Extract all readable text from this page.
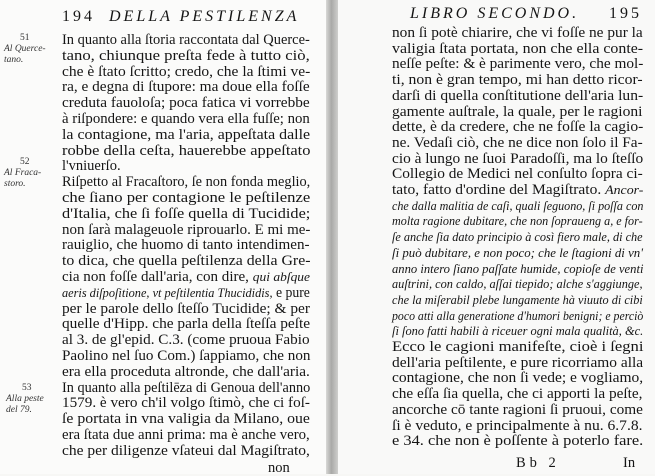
194 DELLA PESTILENZA
In quanto alla ſtoria raccontata dal Querce-
tano, chiunque preſta fede à tutto ciò,
che è ſtato ſcritto; credo, che la ſtimi ve-
ra, e degna di ſtupore: ma doue ella foſſe
creduta fauoloſa; poca fatica vi vorrebbe
à riſpondere: e quando vera ella fuſſe; non
la contagione, ma l'aria, appeſtata dalle
robbe della ceſta, hauerebbe appeſtato
l'vniuerſo.
Riſpetto al Fracaſtoro, ſe non fonda meglio,
che ſiano per contagione le peſtilenze
d'Italia, che ſi foſſe quella di Tucidide;
non ſarà malageuole riprouarlo. E mi me-
rauiglio, che huomo di tanto intendimen-
to dica, che quella peſtilenza della Gre-
cia non foſſe dall'aria, con dire, qui abſque
aeris diſpoſitione, vt peſtilentia Thucididis, e pure
per le parole dello ſteſſo Tucidide; & per
quelle d'Hipp. che parla della ſteſſa peſte
al 3. de gl'epid. C.3. (come pruoua Fabio
Paolino nel ſuo Com.) ſappiamo, che non
era ella proceduta altronde, che dall'aria.
In quanto alla peſtilēza di Genoua dell'anno
1579. è vero ch'il volgo ſtimò, che ci foſ-
ſe portata in vna valigia da Milano, oue
era ſtata due anni prima: ma è anche vero,
che per diligenze vſateui dal Magiſtrato,
51
Al Querce-
tano.
52
Al Fraca-
storo.
53
Alla peste
del 79.
non
LIBRO SECONDO. 195
non ſi potè chiarire, che vi foſſe ne pur la
valigia ſtata portata, non che ella conte-
neſſe peſte: & è parimente vero, che mol-
ti, non è gran tempo, mi han detto ricor-
darſi di quella conſtitutione dell'aria lun-
gamente auſtrale, la quale, per le ragioni
dette, è da credere, che ne foſſe la cagio-
ne. Vedaſi ciò, che ne dice non ſolo il Fa-
cio à lungo ne ſuoi Paradoſſi, ma lo ſteſſo
Collegio de Medici nel conſulto ſopra ci-
tato, fatto d'ordine del Magiſtrato. Ancor-
che dalla malitia de caſi, quali ſeguono, ſi poſſa con
molta ragione dubitare, che non ſopraueng a, e for-
ſe anche ſia dato principio à così fiero male, di che
ſi può dubitare, e non poco; che le ſtagioni di vn'
anno intero ſiano paſſate humide, copioſe de venti
auſtrini, con caldo, aſſai tiepido; alche s'aggiunge,
che la miſerabil plebe lungamente hà viuuto di cibi
poco atti alla generatione d'humori benigni; e perciò
ſi ſono fatti habili à riceuer ogni mala qualità, &c.
Ecco le cagioni manifeſte, cioè i ſegni
dell'aria peſtilente, e pure ricorriamo alla
contagione, che non ſi vede; e vogliamo,
che eſſa ſia quella, che ci apporti la peſte,
ancorche cō tante ragioni ſi pruoui, come
ſi è veduto, e principalmente à nu. 6.7.8.
e 34. che non è poſſente à poterlo fare.
Bb 2	In
